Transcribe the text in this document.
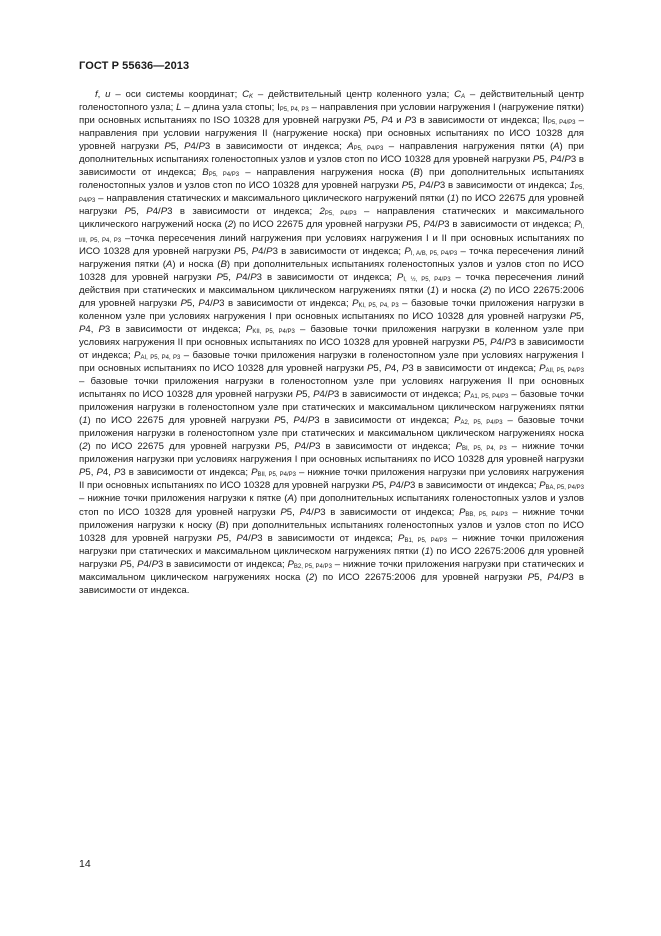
ГОСТ Р 55636—2013

f, u – оси системы координат; $C_K$ – действительный центр коленного узла; $C_A$ – действительный центр голеностопного узла; L – длина узла стопы; $I_{P5, P4, P3}$ – направления при условии нагружения I (нагружение пятки) при основных испытаниях по ISO 10328 для уровней нагрузки P5, P4 и P3 в зависимости от индекса; $II_{P5, P4/P3}$ – направления при условии нагружения II (нагружение носка) при основных испытаниях по ИСО 10328 для уровней нагрузки P5, P4/P3 в зависимости от индекса; $A_{P5, P4/P3}$ – направления нагружения пятки (A) при дополнительных испытаниях голеностопных узлов и узлов стоп по ИСО 10328 для уровней нагрузки P5, P4/P3 в зависимости от индекса; $B_{P5, P4/P3}$ – направления нагружения носка (B) при дополнительных испытаниях голеностопных узлов и узлов стоп по ИСО 10328 для уровней нагрузки P5, P4/P3 в зависимости от индекса; $1_{P5, P4/P3}$ – направления статических и максимального циклического нагружений пятки (1) по ИСО 22675 для уровней нагрузки P5, P4/P3 в зависимости от индекса; $2_{P5, P4/P3}$ – направления статических и максимального циклического нагружений носка (2) по ИСО 22675 для уровней нагрузки P5, P4/P3 в зависимости от индекса; $P_{I, I/II, P5, P4, P3}$ –точка пересечения линий нагружения при условиях нагружения I и II при основных испытаниях по ИСО 10328 для уровней нагрузки P5, P4/P3 в зависимости от индекса; $P_{I, A/B, P5, P4/P3}$ – точка пересечения линий нагружения пятки (A) и носка (B) при дополнительных испытаниях голеностопных узлов и узлов стоп по ИСО 10328 для уровней нагрузки P5, P4/P3 в зависимости от индекса; $P_{I, \frac{1}{2}, P5, P4/P3}$ – точка пересечения линий действия при статических и максимальном циклическом нагружениях пятки (1) и носка (2) по ИСО 22675:2006 для уровней нагрузки P5, P4/P3 в зависимости от индекса; $P_{KI, P5, P4, P3}$ – базовые точки приложения нагрузки в коленном узле при условиях нагружения I при основных испытаниях по ИСО 10328 для уровней нагрузки P5, P4, P3 в зависимости от индекса; $P_{KII, P5, P4/P3}$ – базовые точки приложения нагрузки в коленном узле при условиях нагружения II при основных испытаниях по ИСО 10328 для уровней нагрузки P5, P4/P3 в зависимости от индекса; $P_{AI, P5, P4, P3}$ – базовые точки приложения нагрузки в голеностопном узле при условиях нагружения I при основных испытаниях по ИСО 10328 для уровней нагрузки P5, P4, P3 в зависимости от индекса; $P_{AII, P5, P4/P3}$ – базовые точки приложения нагрузки в голеностопном узле при условиях нагружения II при основных испытанях по ИСО 10328 для уровней нагрузки P5, P4/P3 в зависимости от индекса; $P_{A1, P5, P4/P3}$ – базовые точки приложения нагрузки в голеностопном узле при статических и максимальном циклическом нагружениях пятки (1) по ИСО 22675 для уровней нагрузки P5, P4/P3 в зависимости от индекса; $P_{A2, P5, P4/P3}$ – базовые точки приложения нагрузки в голеностопном узле при статических и максимальном циклическом нагружениях носка (2) по ИСО 22675 для уровней нагрузки P5, P4/P3 в зависимости от индекса; $P_{BI, P5, P4, P3}$ – нижние точки приложения нагрузки при условиях нагружения I при основных испытаниях по ИСО 10328 для уровней нагрузки P5, P4, P3 в зависимости от индекса; $P_{BII, P5, P4/P3}$ – нижние точки приложения нагрузки при условиях нагружения II при основных испытаниях по ИСО 10328 для уровней нагрузки P5, P4/P3 в зависимости от индекса; $P_{BA, P5, P4/P3}$ – нижние точки приложения нагрузки к пятке (A) при дополнительных испытаниях голеностопных узлов и узлов стоп по ИСО 10328 для уровней нагрузки P5, P4/P3 в зависимости от индекса; $P_{BB, P5, P4/P3}$ – нижние точки приложения нагрузки к носку (B) при дополнительных испытаниях голеностопных узлов и узлов стоп по ИСО 10328 для уровней нагрузки P5, P4/P3 в зависимости от индекса; $P_{B1, P5, P4/P3}$ – нижние точки приложения нагрузки при статических и максимальном циклическом нагружениях пятки (1) по ИСО 22675:2006 для уровней нагрузки P5, P4/P3 в зависимости от индекса; $P_{B2, P5, P4/P3}$ – нижние точки приложения нагрузки при статических и максимальном циклическом нагружениях носка (2) по ИСО 22675:2006 для уровней нагрузки P5, P4/P3 в зависимости от индекса.

14
